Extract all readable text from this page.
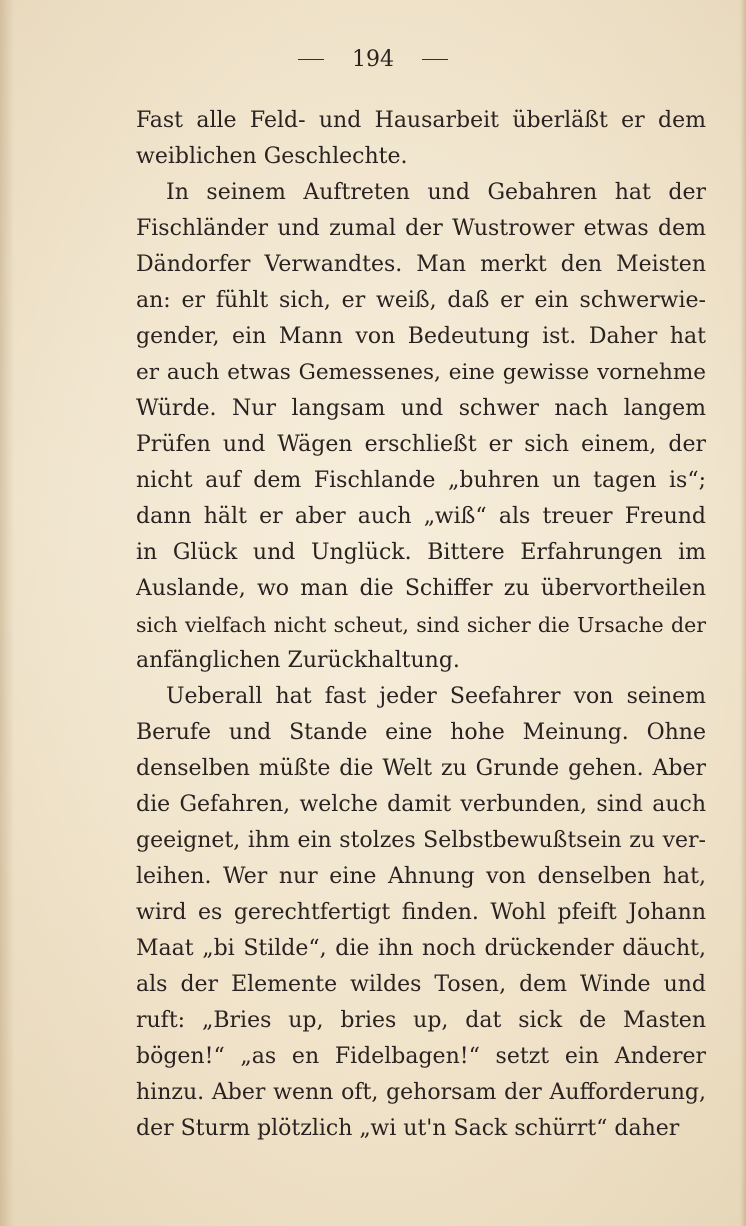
194
Fast alle Feld- und Hausarbeit überläßt er dem
weiblichen Geschlechte.
In seinem Auftreten und Gebahren hat der
Fischländer und zumal der Wustrower etwas dem
Dändorfer Verwandtes. Man merkt den Meisten
an: er fühlt sich, er weiß, daß er ein schwerwie-
gender, ein Mann von Bedeutung ist. Daher hat
er auch etwas Gemessenes, eine gewisse vornehme
Würde. Nur langsam und schwer nach langem
Prüfen und Wägen erschließt er sich einem, der
nicht auf dem Fischlande „buhren un tagen is“;
dann hält er aber auch „wiß“ als treuer Freund
in Glück und Unglück. Bittere Erfahrungen im
Auslande, wo man die Schiffer zu übervortheilen
sich vielfach nicht scheut, sind sicher die Ursache der
anfänglichen Zurückhaltung.
Ueberall hat fast jeder Seefahrer von seinem
Berufe und Stande eine hohe Meinung. Ohne
denselben müßte die Welt zu Grunde gehen. Aber
die Gefahren, welche damit verbunden, sind auch
geeignet, ihm ein stolzes Selbstbewußtsein zu ver-
leihen. Wer nur eine Ahnung von denselben hat,
wird es gerechtfertigt finden. Wohl pfeift Johann
Maat „bi Stilde“, die ihn noch drückender däucht,
als der Elemente wildes Tosen, dem Winde und
ruft: „Bries up, bries up, dat sick de Masten
bögen!“ „as en Fidelbagen!“ setzt ein Anderer
hinzu. Aber wenn oft, gehorsam der Aufforderung,
der Sturm plötzlich „wi ut'n Sack schürrt“ daher
